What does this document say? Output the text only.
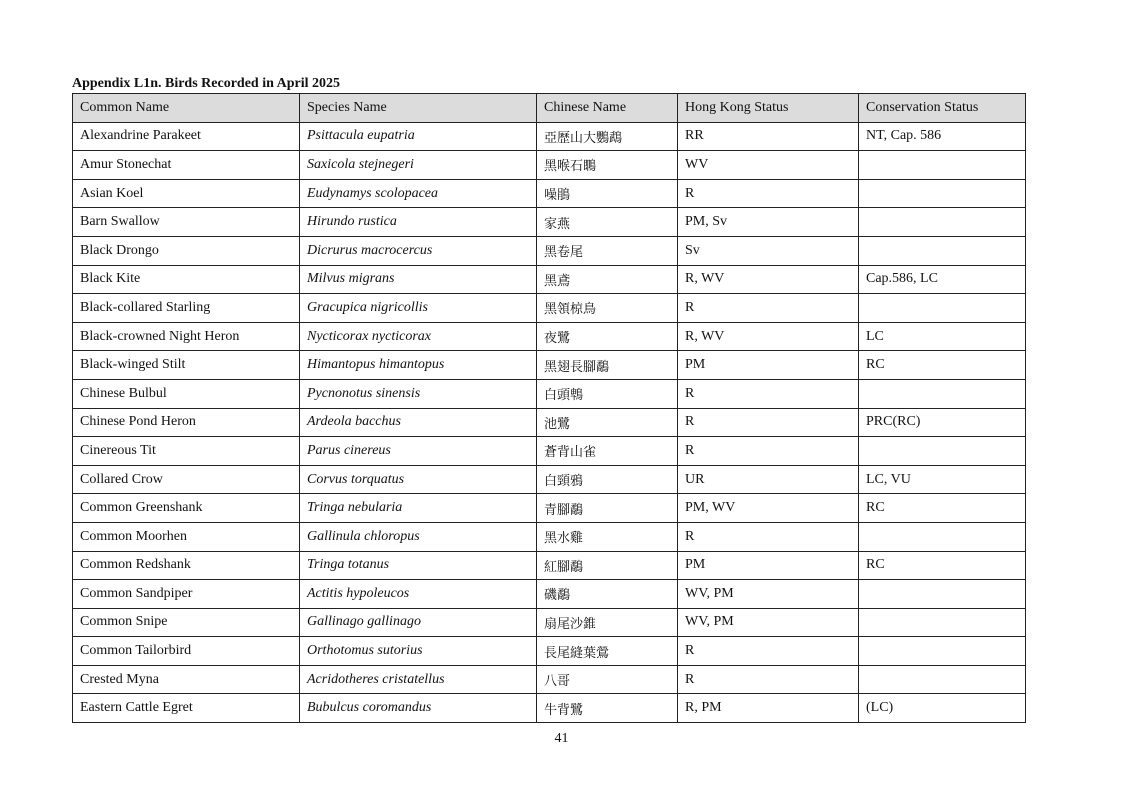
Appendix L1n. Birds Recorded in April 2025
Common Name	Species Name	Chinese Name	Hong Kong Status	Conservation Status
Alexandrine Parakeet	Psittacula eupatria	亞歷山大鸚鵡	RR	NT, Cap. 586
Amur Stonechat	Saxicola stejnegeri	黑喉石䳭	WV	
Asian Koel	Eudynamys scolopacea	噪鵑	R	
Barn Swallow	Hirundo rustica	家燕	PM, Sv	
Black Drongo	Dicrurus macrocercus	黑卷尾	Sv	
Black Kite	Milvus migrans	黑鳶	R, WV	Cap.586, LC
Black-collared Starling	Gracupica nigricollis	黑領椋鳥	R	
Black-crowned Night Heron	Nycticorax nycticorax	夜鷺	R, WV	LC
Black-winged Stilt	Himantopus himantopus	黑翅長腳鷸	PM	RC
Chinese Bulbul	Pycnonotus sinensis	白頭鵯	R	
Chinese Pond Heron	Ardeola bacchus	池鷺	R	PRC(RC)
Cinereous Tit	Parus cinereus	蒼背山雀	R	
Collared Crow	Corvus torquatus	白頸鴉	UR	LC, VU
Common Greenshank	Tringa nebularia	青腳鷸	PM, WV	RC
Common Moorhen	Gallinula chloropus	黑水雞	R	
Common Redshank	Tringa totanus	紅腳鷸	PM	RC
Common Sandpiper	Actitis hypoleucos	磯鷸	WV, PM	
Common Snipe	Gallinago gallinago	扇尾沙錐	WV, PM	
Common Tailorbird	Orthotomus sutorius	長尾縫葉鶯	R	
Crested Myna	Acridotheres cristatellus	八哥	R	
Eastern Cattle Egret	Bubulcus coromandus	牛背鷺	R, PM	(LC)
41
